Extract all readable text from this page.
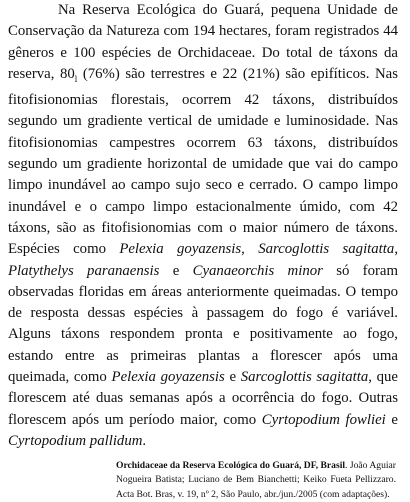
Na Reserva Ecológica do Guará, pequena Unidade de Conservação da Natureza com 194 hectares, foram registrados 44 gêneros e 100 espécies de Orchidaceae. Do total de táxons da reserva, $80_l$ (76%) são terrestres e 22 (21%) são epifíticos. Nas fitofisionomias florestais, ocorrem 42 táxons, distribuídos segundo um gradiente vertical de umidade e luminosidade. Nas fitofisionomias campestres ocorrem 63 táxons, distribuídos segundo um gradiente horizontal de umidade que vai do campo limpo inundável ao campo sujo seco e cerrado. O campo limpo inundável e o campo limpo estacionalmente úmido, com 42 táxons, são as fitofisionomias com o maior número de táxons. Espécies como Pelexia goyazensis, Sarcoglottis sagitatta, Platythelys paranaensis e Cyanaeorchis minor só foram observadas floridas em áreas anteriormente queimadas. O tempo de resposta dessas espécies à passagem do fogo é variável. Alguns táxons respondem pronta e positivamente ao fogo, estando entre as primeiras plantas a florescer após uma queimada, como Pelexia goyazensis e Sarcoglottis sagitatta, que florescem até duas semanas após a ocorrência do fogo. Outras florescem após um período maior, como Cyrtopodium fowliei e Cyrtopodium pallidum.

Orchidaceae da Reserva Ecológica do Guará, DF, Brasil. João Aguiar Nogueira Batista; Luciano de Bem Bianchetti; Keiko Fueta Pellizzaro. Acta Bot. Bras, v. 19, nº 2, São Paulo, abr./jun./2005 (com adaptações).
